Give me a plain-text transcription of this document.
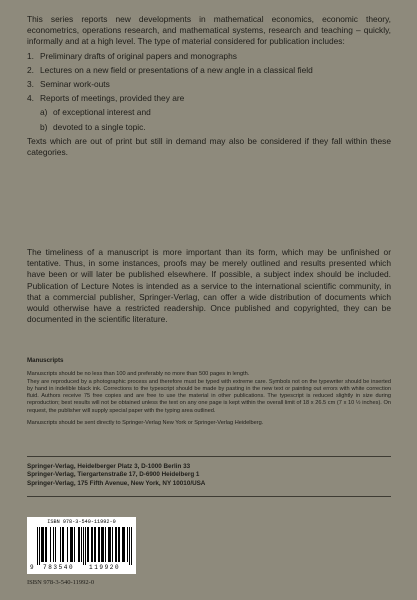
This series reports new developments in mathematical economics, economic theory, econometrics, operations research, and mathematical systems, research and teaching – quickly, informally and at a high level. The type of material considered for publication includes:

1. Preliminary drafts of original papers and monographs
2. Lectures on a new field or presentations of a new angle in a classical field
3. Seminar work-outs
4. Reports of meetings, provided they are
a) of exceptional interest and
b) devoted to a single topic.

Texts which are out of print but still in demand may also be considered if they fall within these categories.

The timeliness of a manuscript is more important than its form, which may be unfinished or tentative. Thus, in some instances, proofs may be merely outlined and results presented which have been or will later be published elsewhere. If possible, a subject index should be included. Publication of Lecture Notes is intended as a service to the international scientific community, in that a commercial publisher, Springer-Verlag, can offer a wide distribution of documents which would otherwise have a restricted readership. Once published and copyrighted, they can be documented in the scientific literature.

Manuscripts

Manuscripts should be no less than 100 and preferably no more than 500 pages in length.

They are reproduced by a photographic process and therefore must be typed with extreme care. Symbols not on the typewriter should be inserted by hand in indelible black ink. Corrections to the typescript should be made by pasting in the new text or painting out errors with white correction fluid. Authors receive 75 free copies and are free to use the material in other publications. The typescript is reduced slightly in size during reproduction; best results will not be obtained unless the text on any one page is kept within the overall limit of 18 x 26.5 cm (7 x 10 ½ inches). On request, the publisher will supply special paper with the typing area outlined.

Manuscripts should be sent directly to Springer-Verlag New York or Springer-Verlag Heidelberg.

Springer-Verlag, Heidelberger Platz 3, D-1000 Berlin 33
Springer-Verlag, Tiergartenstraße 17, D-6900 Heidelberg 1
Springer-Verlag, 175 Fifth Avenue, New York, NY 10010/USA
ISBN 978-3-540-11992-0
9 783540 119920
ISBN 978-3-540-11992-0
